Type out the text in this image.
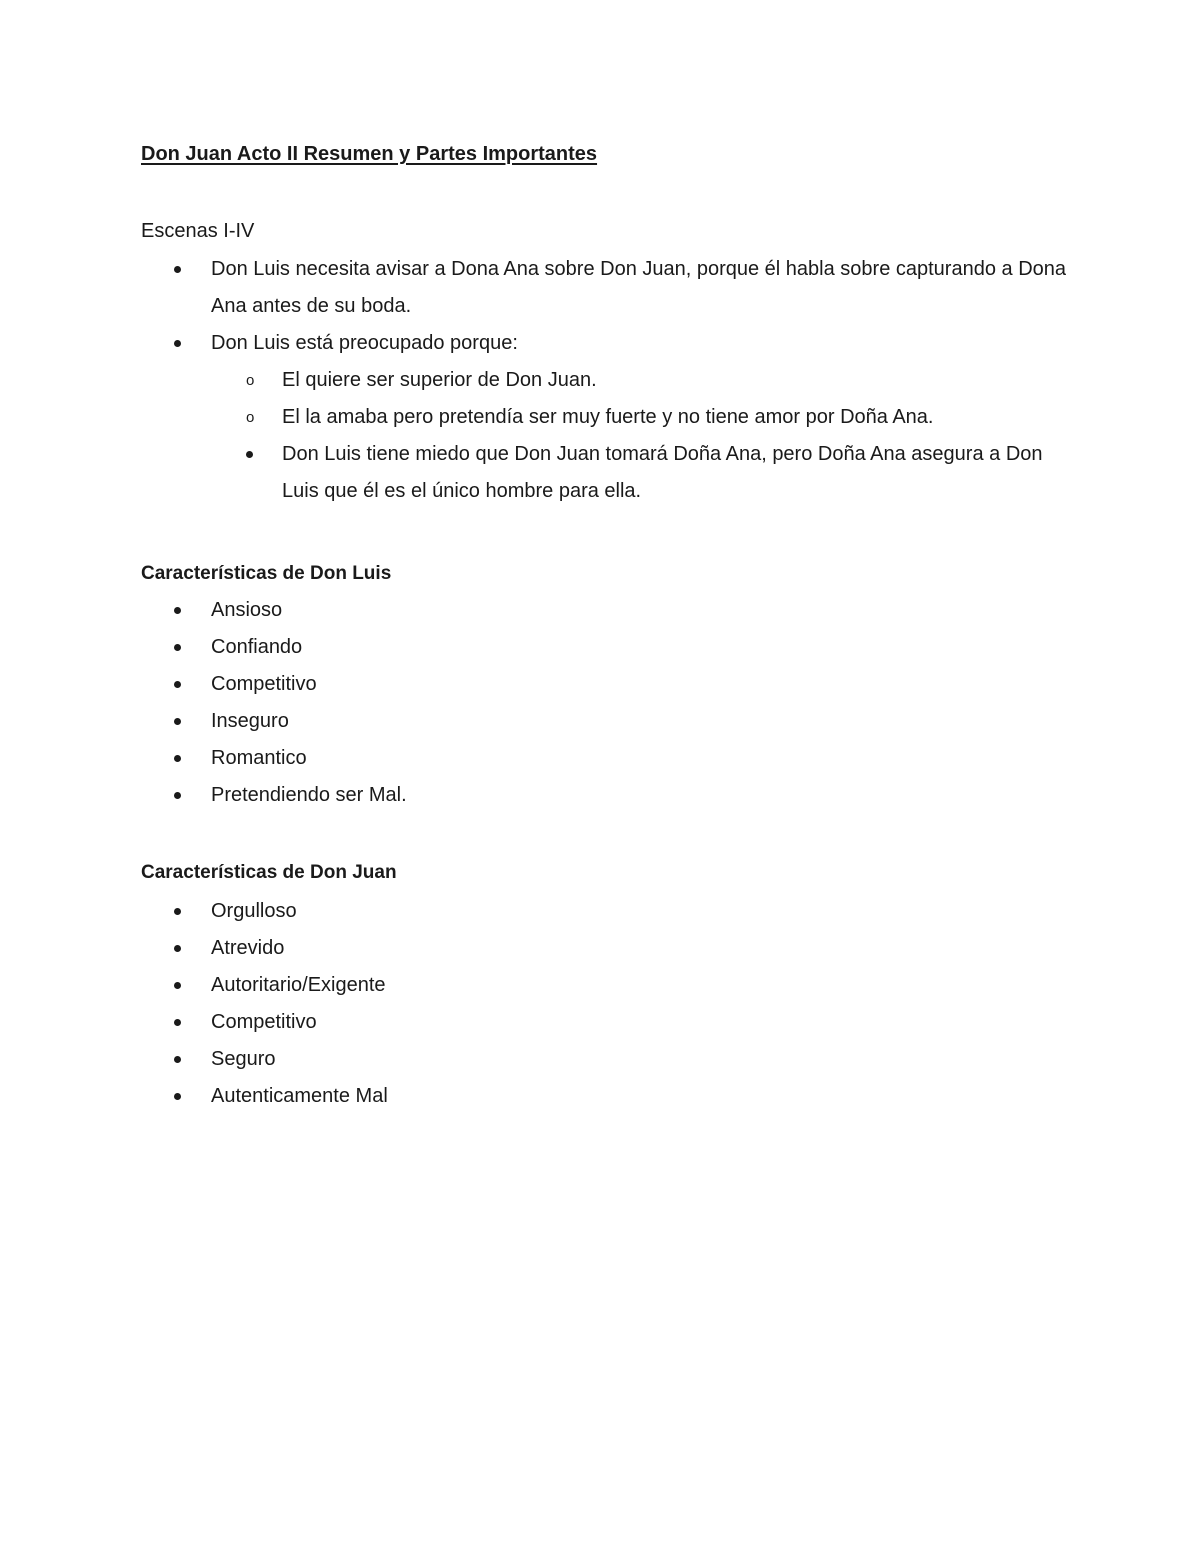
Don Juan Acto II Resumen y Partes Importantes
Escenas I-IV
Don Luis necesita avisar a Dona Ana sobre Don Juan, porque él habla sobre capturando a Dona Ana antes de su boda.
Don Luis está preocupado porque:
o	El quiere ser superior de Don Juan.
o	El la amaba pero pretendía ser muy fuerte y no tiene amor por Doña Ana.
Don Luis tiene miedo que Don Juan tomará Doña Ana, pero Doña Ana asegura a Don Luis que él es el único hombre para ella.
Características de Don Luis
Ansioso
Confiando
Competitivo
Inseguro
Romantico
Pretendiendo ser Mal.
Características de Don Juan
Orgulloso
Atrevido
Autoritario/Exigente
Competitivo
Seguro
Autenticamente Mal
